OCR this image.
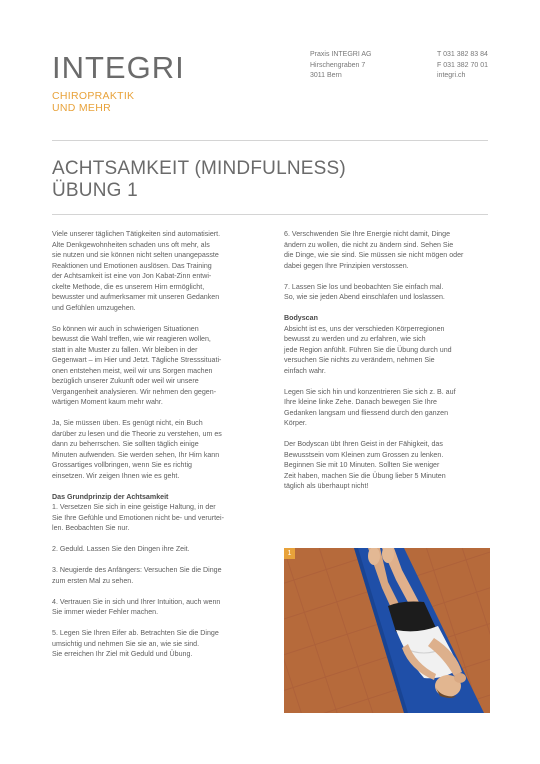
INTEGRI
CHIROPRAKTIK
UND MEHR
Praxis INTEGRI AG
Hirschengraben 7
3011 Bern
T 031 382 83 84
F 031 382 70 01
integri.ch
ACHTSAMKEIT (MINDFULNESS)
ÜBUNG 1

Viele unserer täglichen Tätigkeiten sind automatisiert.
Alte Denkgewohnheiten schaden uns oft mehr, als
sie nutzen und sie können nicht selten unangepasste
Reaktionen und Emotionen auslösen. Das Training
der Achtsamkeit ist eine von Jon Kabat-Zinn entwi-
ckelte Methode, die es unserem Hirn ermöglicht,
bewusster und aufmerksamer mit unseren Gedanken
und Gefühlen umzugehen.

So können wir auch in schwierigen Situationen
bewusst die Wahl treffen, wie wir reagieren wollen,
statt in alte Muster zu fallen. Wir bleiben in der
Gegenwart – im Hier und Jetzt. Tägliche Stresssituati-
onen entstehen meist, weil wir uns Sorgen machen
bezüglich unserer Zukunft oder weil wir unsere
Vergangenheit analysieren. Wir nehmen den gegen-
wärtigen Moment kaum mehr wahr.

Ja, Sie müssen üben. Es genügt nicht, ein Buch
darüber zu lesen und die Theorie zu verstehen, um es
dann zu beherrschen. Sie sollten täglich einige
Minuten aufwenden. Sie werden sehen, Ihr Hirn kann
Grossartiges vollbringen, wenn Sie es richtig
einsetzen. Wir zeigen Ihnen wie es geht.

Das Grundprinzip der Achtsamkeit
1. Versetzen Sie sich in eine geistige Haltung, in der
Sie Ihre Gefühle und Emotionen nicht be- und verurtei-
len. Beobachten Sie nur.

2. Geduld. Lassen Sie den Dingen ihre Zeit.

3. Neugierde des Anfängers: Versuchen Sie die Dinge
zum ersten Mal zu sehen.

4. Vertrauen Sie in sich und Ihrer Intuition, auch wenn
Sie immer wieder Fehler machen.

5. Legen Sie Ihren Eifer ab. Betrachten Sie die Dinge
umsichtig und nehmen Sie sie an, wie sie sind.
Sie erreichen Ihr Ziel mit Geduld und Übung.

6. Verschwenden Sie Ihre Energie nicht damit, Dinge
ändern zu wollen, die nicht zu ändern sind. Sehen Sie
die Dinge, wie sie sind. Sie müssen sie nicht mögen oder
dabei gegen Ihre Prinzipien verstossen.

7. Lassen Sie los und beobachten Sie einfach mal.
So, wie sie jeden Abend einschlafen und loslassen.

Bodyscan
Absicht ist es, uns der verschieden Körperregionen
bewusst zu werden und zu erfahren, wie sich
jede Region anfühlt. Führen Sie die Übung durch und
versuchen Sie nichts zu verändern, nehmen Sie
einfach wahr.

Legen Sie sich hin und konzentrieren Sie sich z. B. auf
Ihre kleine linke Zehe. Danach bewegen Sie Ihre
Gedanken langsam und fliessend durch den ganzen
Körper.

Der Bodyscan übt Ihren Geist in der Fähigkeit, das
Bewusstsein vom Kleinen zum Grossen zu lenken.
Beginnen Sie mit 10 Minuten. Sollten Sie weniger
Zeit haben, machen Sie die Übung lieber 5 Minuten
täglich als überhaupt nicht!

1
